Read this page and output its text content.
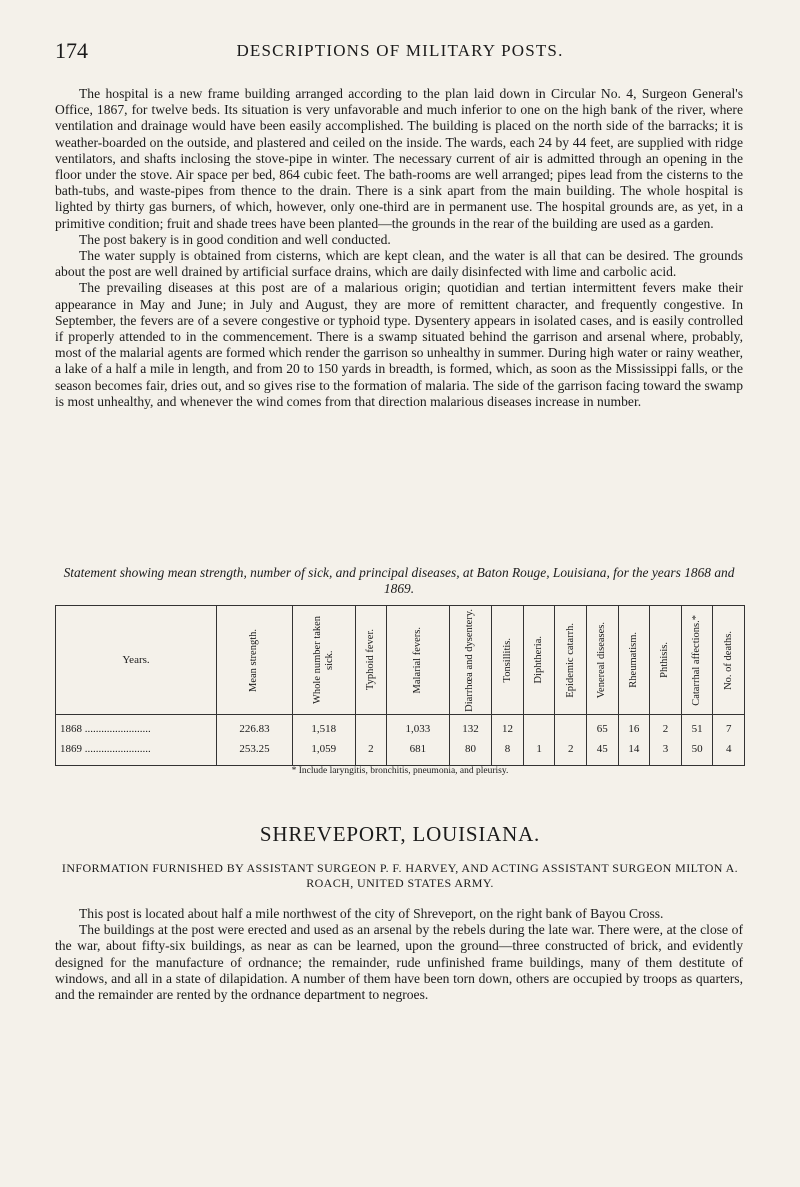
174	DESCRIPTIONS OF MILITARY POSTS.

The hospital is a new frame building arranged according to the plan laid down in Circular No. 4, Surgeon General's Office, 1867, for twelve beds. Its situation is very unfavorable and much inferior to one on the high bank of the river, where ventilation and drainage would have been easily accomplished. The building is placed on the north side of the barracks; it is weather-boarded on the outside, and plastered and ceiled on the inside. The wards, each 24 by 44 feet, are supplied with ridge ventilators, and shafts inclosing the stove-pipe in winter. The necessary current of air is admitted through an opening in the floor under the stove. Air space per bed, 864 cubic feet. The bath-rooms are well arranged; pipes lead from the cisterns to the bath-tubs, and waste-pipes from thence to the drain. There is a sink apart from the main building. The whole hospital is lighted by thirty gas burners, of which, however, only one-third are in permanent use. The hospital grounds are, as yet, in a primitive condition; fruit and shade trees have been planted—the grounds in the rear of the building are used as a garden.

The post bakery is in good condition and well conducted.

The water supply is obtained from cisterns, which are kept clean, and the water is all that can be desired. The grounds about the post are well drained by artificial surface drains, which are daily disinfected with lime and carbolic acid.

The prevailing diseases at this post are of a malarious origin; quotidian and tertian intermittent fevers make their appearance in May and June; in July and August, they are more of remittent character, and frequently congestive. In September, the fevers are of a severe congestive or typhoid type. Dysentery appears in isolated cases, and is easily controlled if properly attended to in the commencement. There is a swamp situated behind the garrison and arsenal where, probably, most of the malarial agents are formed which render the garrison so unhealthy in summer. During high water or rainy weather, a lake of a half a mile in length, and from 20 to 150 yards in breadth, is formed, which, as soon as the Mississippi falls, or the season becomes fair, dries out, and so gives rise to the formation of malaria. The side of the garrison facing toward the swamp is most unhealthy, and whenever the wind comes from that direction malarious diseases increase in number.

Statement showing mean strength, number of sick, and principal diseases, at Baton Rouge, Louisiana, for the years 1868 and 1869.
Years.	Mean strength.	Whole number taken sick.	Typhoid fever.	Malarial fevers.	Diarrhœa and dysentery.	Tonsillitis.	Diphtheria.	Epidemic catarrh.	Venereal diseases.	Rheumatism.	Phthisis.	Catarrhal affections.*	No. of deaths.

1868 ........................	226.83	1,518		1,033	132	12			65	16	2	51	7
1869 ........................	253.25	1,059	2	681	80	8	1	2	45	14	3	50	4
* Include laryngitis, bronchitis, pneumonia, and pleurisy.
SHREVEPORT, LOUISIANA.
INFORMATION FURNISHED BY ASSISTANT SURGEON P. F. HARVEY, AND ACTING ASSISTANT SURGEON MILTON A. ROACH, UNITED STATES ARMY.

This post is located about half a mile northwest of the city of Shreveport, on the right bank of Bayou Cross.

The buildings at the post were erected and used as an arsenal by the rebels during the late war. There were, at the close of the war, about fifty-six buildings, as near as can be learned, upon the ground—three constructed of brick, and evidently designed for the manufacture of ordnance; the remainder, rude unfinished frame buildings, many of them destitute of windows, and all in a state of dilapidation. A number of them have been torn down, others are occupied by troops as quarters, and the remainder are rented by the ordnance department to negroes.
